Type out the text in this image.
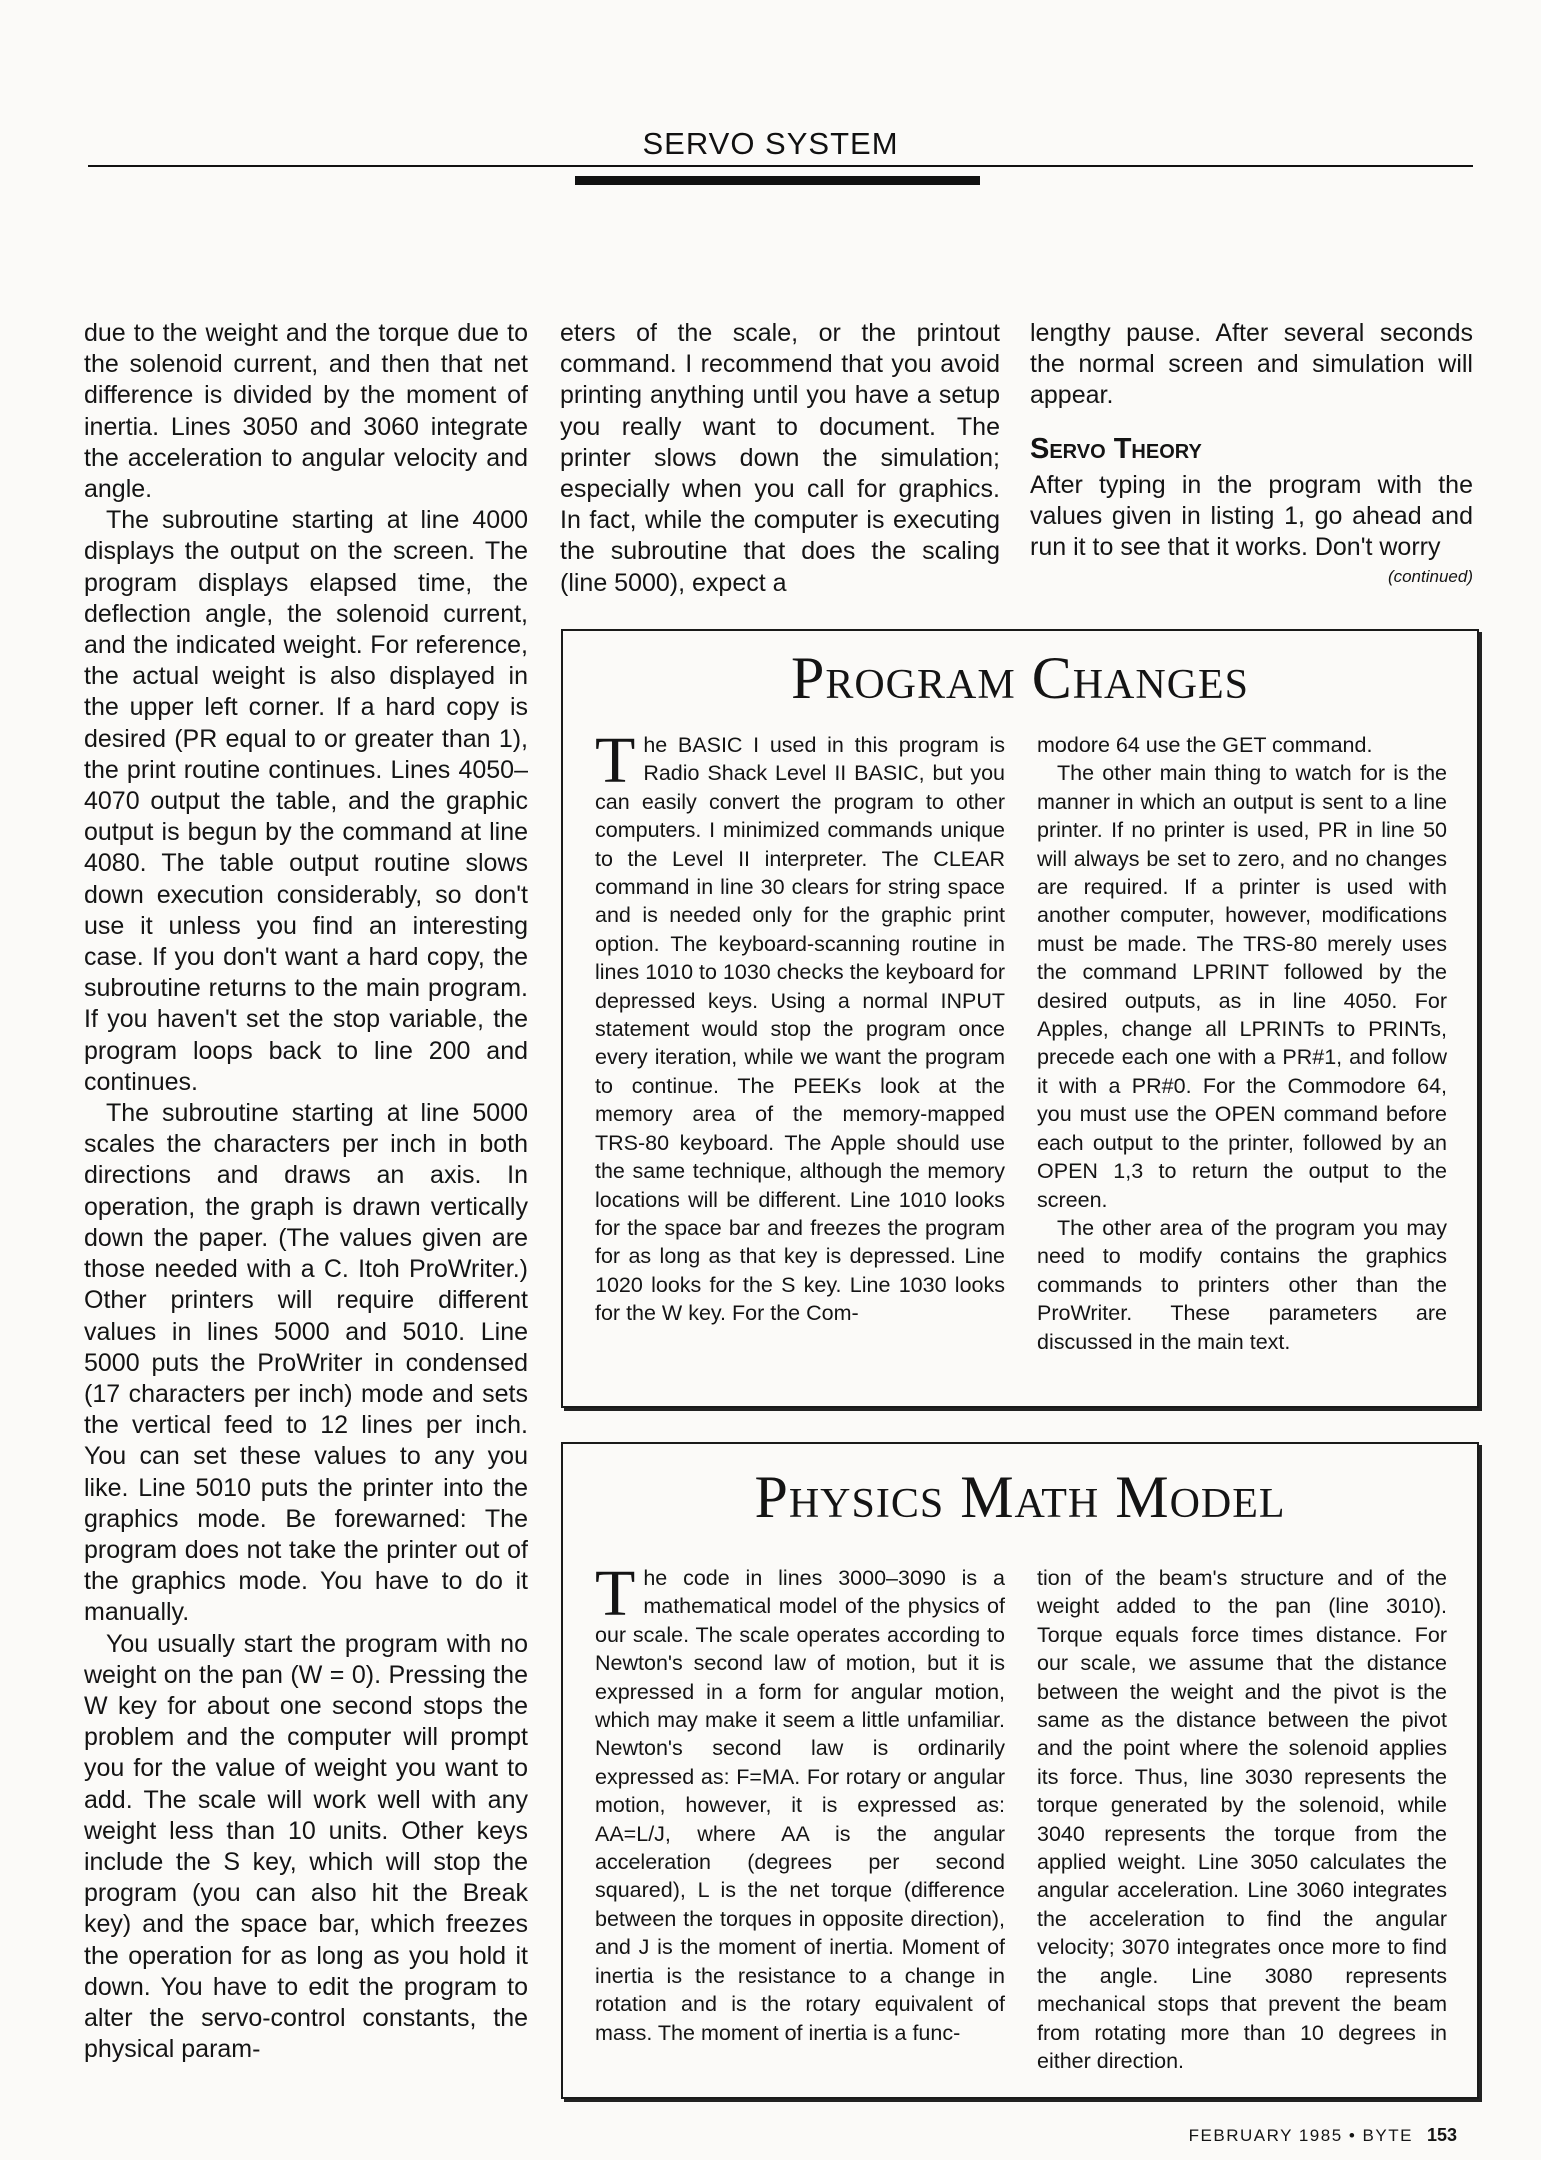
SERVO SYSTEM

due to the weight and the torque due to the solenoid current, and then that net difference is divided by the moment of inertia. Lines 3050 and 3060 integrate the acceleration to angular velocity and angle.

The subroutine starting at line 4000 displays the output on the screen. The program displays elapsed time, the deflection angle, the solenoid current, and the indicated weight. For reference, the actual weight is also displayed in the upper left corner. If a hard copy is desired (PR equal to or greater than 1), the print routine continues. Lines 4050–4070 output the table, and the graphic output is begun by the command at line 4080. The table output routine slows down execution considerably, so don't use it unless you find an interesting case. If you don't want a hard copy, the subroutine returns to the main program. If you haven't set the stop variable, the program loops back to line 200 and continues.

The subroutine starting at line 5000 scales the characters per inch in both directions and draws an axis. In operation, the graph is drawn vertically down the paper. (The values given are those needed with a C. Itoh ProWriter.) Other printers will require different values in lines 5000 and 5010. Line 5000 puts the ProWriter in condensed (17 characters per inch) mode and sets the vertical feed to 12 lines per inch. You can set these values to any you like. Line 5010 puts the printer into the graphics mode. Be forewarned: The program does not take the printer out of the graphics mode. You have to do it manually.

You usually start the program with no weight on the pan (W = 0). Pressing the W key for about one second stops the problem and the computer will prompt you for the value of weight you want to add. The scale will work well with any weight less than 10 units. Other keys include the S key, which will stop the program (you can also hit the Break key) and the space bar, which freezes the operation for as long as you hold it down. You have to edit the program to alter the servo-control constants, the physical param-

eters of the scale, or the printout command. I recommend that you avoid printing anything until you have a setup you really want to document. The printer slows down the simulation; especially when you call for graphics. In fact, while the computer is executing the subroutine that does the scaling (line 5000), expect a

lengthy pause. After several seconds the normal screen and simulation will appear.

Servo Theory

After typing in the program with the values given in listing 1, go ahead and run it to see that it works. Don't worry

(continued)
Program Changes

The BASIC I used in this program is Radio Shack Level II BASIC, but you can easily convert the program to other computers. I minimized commands unique to the Level II interpreter. The CLEAR command in line 30 clears for string space and is needed only for the graphic print option. The keyboard-scanning routine in lines 1010 to 1030 checks the keyboard for depressed keys. Using a normal INPUT statement would stop the program once every iteration, while we want the program to continue. The PEEKs look at the memory area of the memory-mapped TRS-80 keyboard. The Apple should use the same technique, although the memory locations will be different. Line 1010 looks for the space bar and freezes the program for as long as that key is depressed. Line 1020 looks for the S key. Line 1030 looks for the W key. For the Com-

modore 64 use the GET command.

The other main thing to watch for is the manner in which an output is sent to a line printer. If no printer is used, PR in line 50 will always be set to zero, and no changes are required. If a printer is used with another computer, however, modifications must be made. The TRS-80 merely uses the command LPRINT followed by the desired outputs, as in line 4050. For Apples, change all LPRINTs to PRINTs, precede each one with a PR#1, and follow it with a PR#0. For the Commodore 64, you must use the OPEN command before each output to the printer, followed by an OPEN 1,3 to return the output to the screen.

The other area of the program you may need to modify contains the graphics commands to printers other than the ProWriter. These parameters are discussed in the main text.

Physics Math Model

The code in lines 3000–3090 is a mathematical model of the physics of our scale. The scale operates according to Newton's second law of motion, but it is expressed in a form for angular motion, which may make it seem a little unfamiliar. Newton's second law is ordinarily expressed as: F=MA. For rotary or angular motion, however, it is expressed as: AA=L/J, where AA is the angular acceleration (degrees per second squared), L is the net torque (difference between the torques in opposite direction), and J is the moment of inertia. Moment of inertia is the resistance to a change in rotation and is the rotary equivalent of mass. The moment of inertia is a func-

tion of the beam's structure and of the weight added to the pan (line 3010). Torque equals force times distance. For our scale, we assume that the distance between the weight and the pivot is the same as the distance between the pivot and the point where the solenoid applies its force. Thus, line 3030 represents the torque generated by the solenoid, while 3040 represents the torque from the applied weight. Line 3050 calculates the angular acceleration. Line 3060 integrates the acceleration to find the angular velocity; 3070 integrates once more to find the angle. Line 3080 represents mechanical stops that prevent the beam from rotating more than 10 degrees in either direction.

FEBRUARY 1985 • BYTE 153
